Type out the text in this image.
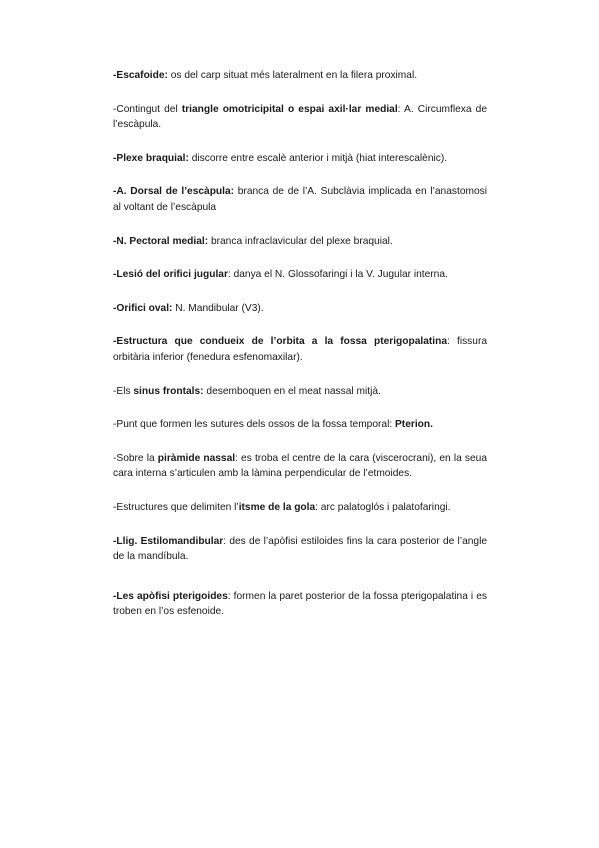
-Escafoide: os del carp situat més lateralment en la filera proximal.

-Contingut del triangle omotricipital o espai axil·lar medial: A. Circumflexa de l’escàpula.

-Plexe braquial: discorre entre escalè anterior i mitjà (hiat interescalènic).

-A. Dorsal de l’escàpula: branca de de l’A. Subclàvia implicada en l’anastomosi al voltant de l’escàpula

-N. Pectoral medial: branca infraclavicular del plexe braquial.

-Lesió del orifici jugular: danya el N. Glossofaringi i la V. Jugular interna.

-Orifici oval: N. Mandibular (V3).

-Estructura que condueix de l’orbita a la fossa pterigopalatina: fissura orbitària inferior (fenedura esfenomaxilar).

-Els sinus frontals: desemboquen en el meat nassal mitjà.

-Punt que formen les sutures dels ossos de la fossa temporal: Pterion.

-Sobre la piràmide nassal: es troba el centre de la cara (viscerocrani), en la seua cara interna s’articulen amb la làmina perpendicular de l’etmoides.

-Estructures que delimiten l’itsme de la gola: arc palatoglós i palatofaringi.

-Llig. Estilomandibular: des de l’apòfisi estiloides fins la cara posterior de l’angle de la mandíbula.

-Les apòfisi pterigoides: formen la paret posterior de la fossa pterigopalatina i es troben en l’os esfenoide.
